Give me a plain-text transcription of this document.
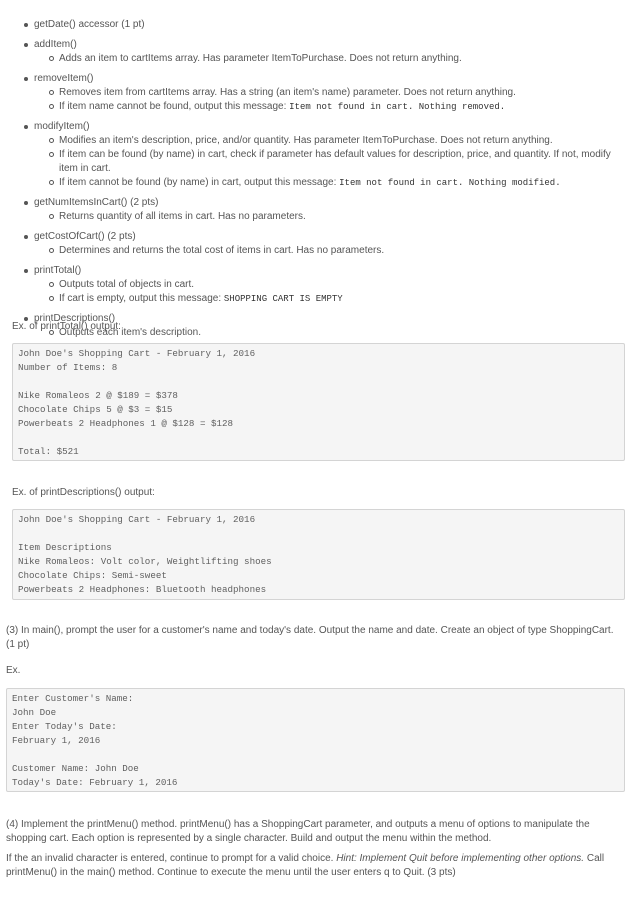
getDate() accessor (1 pt)
addItem()
Adds an item to cartItems array. Has parameter ItemToPurchase. Does not return anything.
removeItem()
Removes item from cartItems array. Has a string (an item's name) parameter. Does not return anything.
If item name cannot be found, output this message: Item not found in cart. Nothing removed.
modifyItem()
Modifies an item's description, price, and/or quantity. Has parameter ItemToPurchase. Does not return anything.
If item can be found (by name) in cart, check if parameter has default values for description, price, and quantity. If not, modify item in cart.
If item cannot be found (by name) in cart, output this message: Item not found in cart. Nothing modified.
getNumItemsInCart() (2 pts)
Returns quantity of all items in cart. Has no parameters.
getCostOfCart() (2 pts)
Determines and returns the total cost of items in cart. Has no parameters.
printTotal()
Outputs total of objects in cart.
If cart is empty, output this message: SHOPPING CART IS EMPTY
printDescriptions()
Outputs each item's description.
Ex. of printTotal() output:
John Doe's Shopping Cart - February 1, 2016
Number of Items: 8
Nike Romaleos 2 @ $189 = $378
Chocolate Chips 5 @ $3 = $15
Powerbeats 2 Headphones 1 @ $128 = $128
Total: $521
Ex. of printDescriptions() output:
John Doe's Shopping Cart - February 1, 2016
Item Descriptions
Nike Romaleos: Volt color, Weightlifting shoes
Chocolate Chips: Semi-sweet
Powerbeats 2 Headphones: Bluetooth headphones
(3) In main(), prompt the user for a customer's name and today's date. Output the name and date. Create an object of type ShoppingCart. (1 pt)
Ex.
Enter Customer's Name:
John Doe
Enter Today's Date:
February 1, 2016
Customer Name: John Doe
Today's Date: February 1, 2016
(4) Implement the printMenu() method. printMenu() has a ShoppingCart parameter, and outputs a menu of options to manipulate the shopping cart. Each option is represented by a single character. Build and output the menu within the method.
If the an invalid character is entered, continue to prompt for a valid choice. Hint: Implement Quit before implementing other options. Call printMenu() in the main() method. Continue to execute the menu until the user enters q to Quit. (3 pts)
